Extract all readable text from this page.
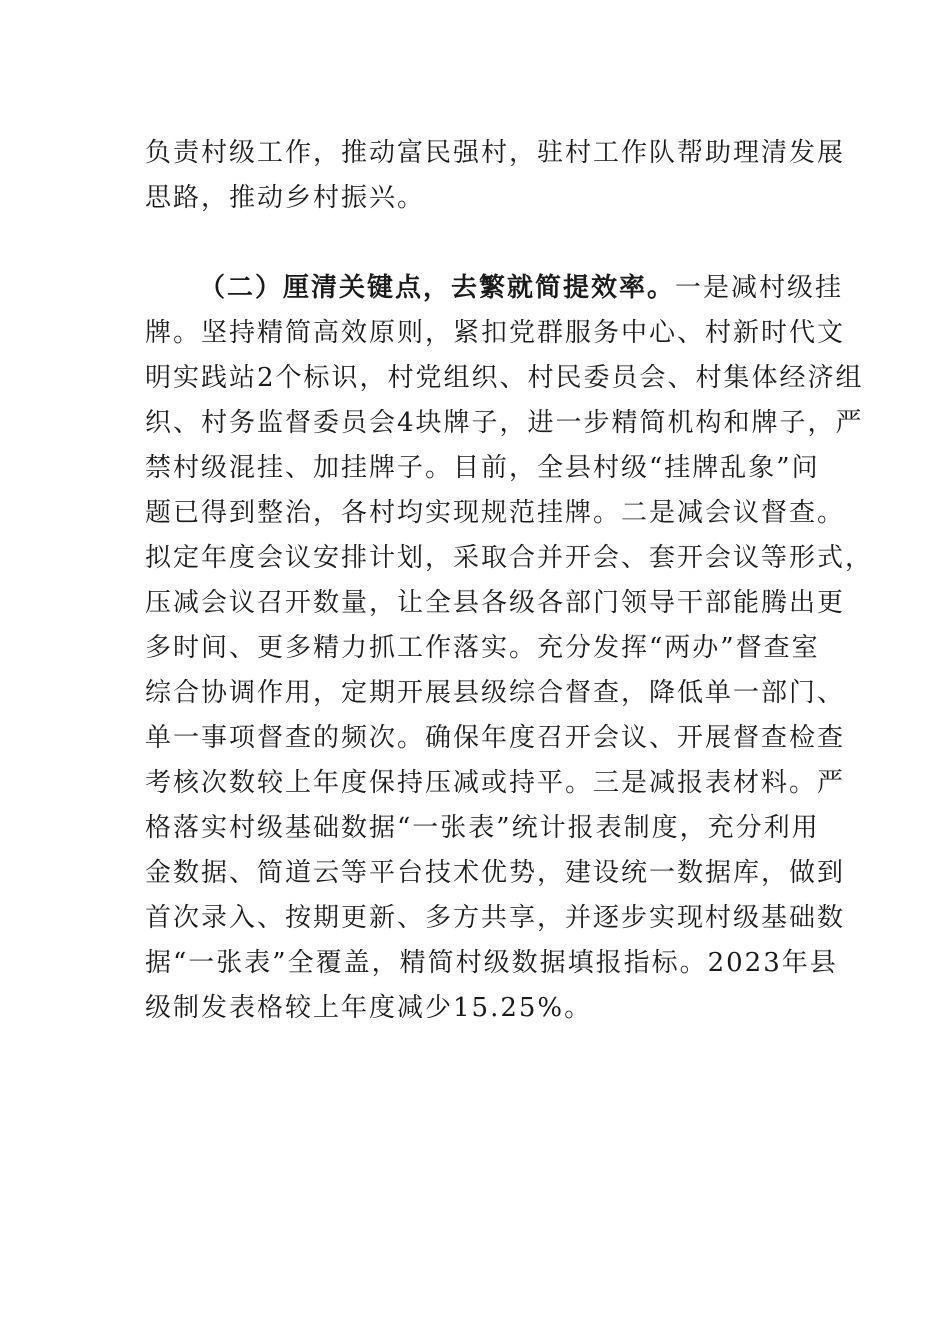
负责村级工作，推动富民强村，驻村工作队帮助理清发展
思路，推动乡村振兴。
（二）厘清关键点，去繁就简提效率。一是减村级挂
牌。坚持精简高效原则，紧扣党群服务中心、村新时代文
明实践站2个标识，村党组织、村民委员会、村集体经济组
织、村务监督委员会4块牌子，进一步精简机构和牌子，严
禁村级混挂、加挂牌子。目前，全县村级“挂牌乱象”问
题已得到整治，各村均实现规范挂牌。二是减会议督查。
拟定年度会议安排计划，采取合并开会、套开会议等形式，
压减会议召开数量，让全县各级各部门领导干部能腾出更
多时间、更多精力抓工作落实。充分发挥“两办”督查室
综合协调作用，定期开展县级综合督查，降低单一部门、
单一事项督查的频次。确保年度召开会议、开展督查检查
考核次数较上年度保持压减或持平。三是减报表材料。严
格落实村级基础数据“一张表”统计报表制度，充分利用
金数据、简道云等平台技术优势，建设统一数据库，做到
首次录入、按期更新、多方共享，并逐步实现村级基础数
据“一张表”全覆盖，精简村级数据填报指标。2023年县
级制发表格较上年度减少15.25%。
